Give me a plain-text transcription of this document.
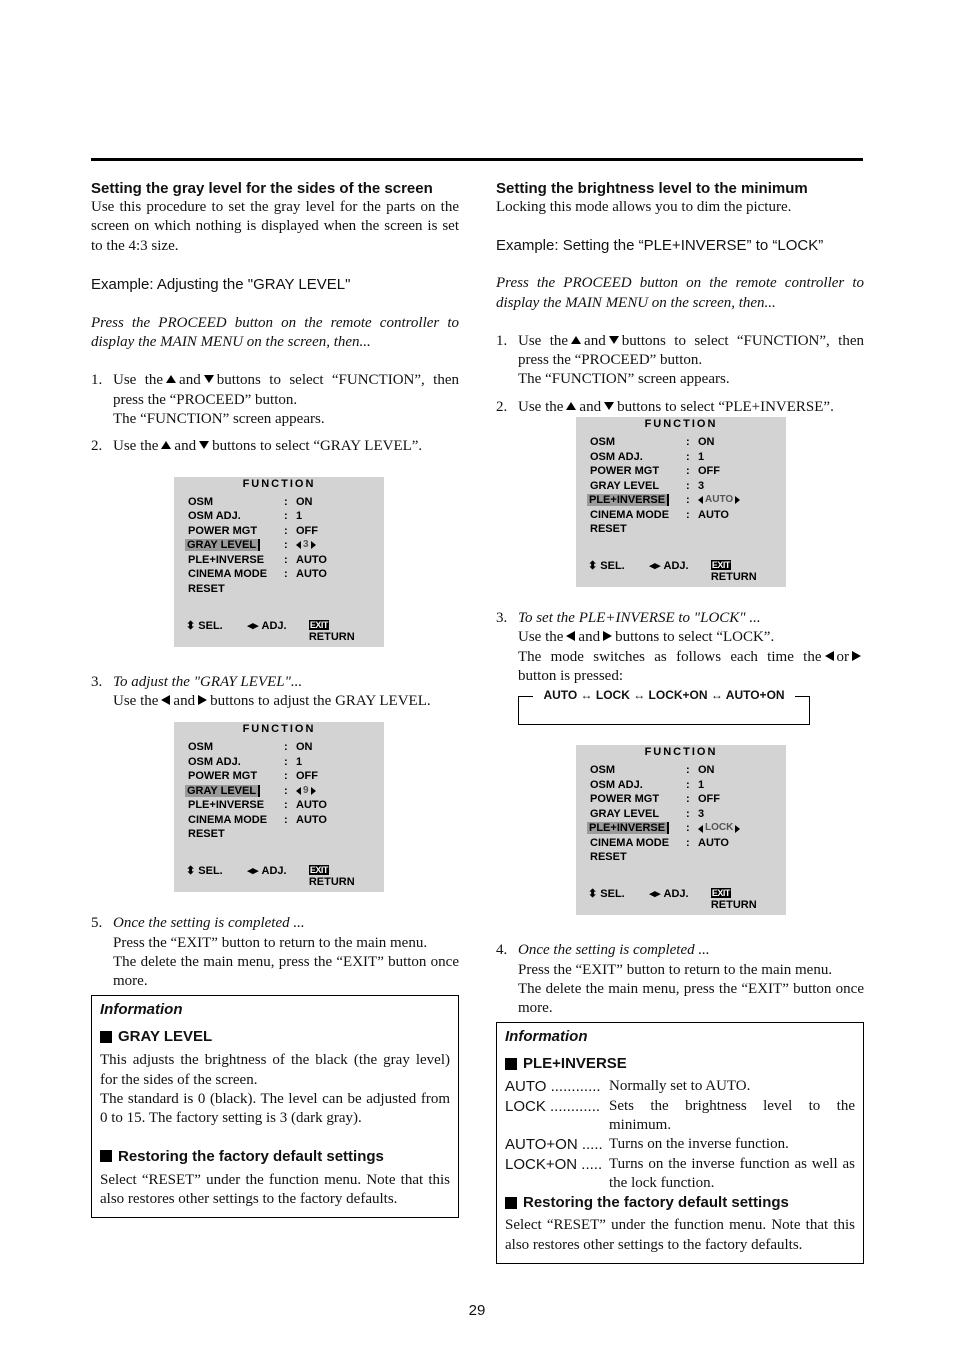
Setting the gray level for the sides of the screen

Use this procedure to set the gray level for the parts on the screen on which nothing is displayed when the screen is set to the 4:3 size.

Example: Adjusting the "GRAY LEVEL"

Press the PROCEED button on the remote controller to display the MAIN MENU on the screen, then...

1. Use the and buttons to select “FUNCTION”, then press the “PROCEED” button.
The “FUNCTION” screen appears.
2. Use the and buttons to select “GRAY LEVEL”.
FUNCTION
OSM	: ON
OSM ADJ.	: 1
POWER MGT	: OFF
GRAY LEVEL	:	3
PLE+INVERSE	: AUTO
CINEMA MODE	: AUTO
RESET
⬍ SEL.	◂▸ ADJ.	EXITRETURN
3. To adjust the "GRAY LEVEL"...
Use the and buttons to adjust the GRAY LEVEL.
FUNCTION
OSM	: ON
OSM ADJ.	: 1
POWER MGT	: OFF
GRAY LEVEL	:	9
PLE+INVERSE	: AUTO
CINEMA MODE	: AUTO
RESET
⬍ SEL.	◂▸ ADJ.	EXITRETURN
5. Once the setting is completed ...
Press the “EXIT” button to return to the main menu.
The delete the main menu, press the “EXIT” button once more.

Information

GRAY LEVEL

This adjusts the brightness of the black (the gray level) for the sides of the screen.

The standard is 0 (black). The level can be adjusted from 0 to 15. The factory setting is 3 (dark gray).

Restoring the factory default settings

Select “RESET” under the function menu. Note that this also restores other settings to the factory defaults.

Setting the brightness level to the minimum

Locking this mode allows you to dim the picture.

Example: Setting the “PLE+INVERSE” to “LOCK”

Press the PROCEED button on the remote controller to display the MAIN MENU on the screen, then...

1. Use the and buttons to select “FUNCTION”, then press the “PROCEED” button.
The “FUNCTION” screen appears.
2. Use the and buttons to select “PLE+INVERSE”.
FUNCTION
OSM	: ON
OSM ADJ.	: 1
POWER MGT	: OFF
GRAY LEVEL	: 3
PLE+INVERSE	:	AUTO
CINEMA MODE	: AUTO
RESET
⬍ SEL.	◂▸ ADJ.	EXITRETURN
3. To set the PLE+INVERSE to "LOCK" ...
Use the and buttons to select “LOCK”.
The mode switches as follows each time the or button is pressed:
AUTO ↔ LOCK ↔ LOCK+ON ↔ AUTO+ON
FUNCTION
OSM	: ON
OSM ADJ.	: 1
POWER MGT	: OFF
GRAY LEVEL	: 3
PLE+INVERSE	:	LOCK
CINEMA MODE	: AUTO
RESET
⬍ SEL.	◂▸ ADJ.	EXITRETURN
4. Once the setting is completed ...
Press the “EXIT” button to return to the main menu.
The delete the main menu, press the “EXIT” button once more.

Information

PLE+INVERSE

AUTO ............ Normally set to AUTO.
LOCK ............ Sets the brightness level to the minimum.
AUTO+ON ..... Turns on the inverse function.
LOCK+ON ..... Turns on the inverse function as well as the lock function.

Restoring the factory default settings

Select “RESET” under the function menu. Note that this also restores other settings to the factory defaults.

29
